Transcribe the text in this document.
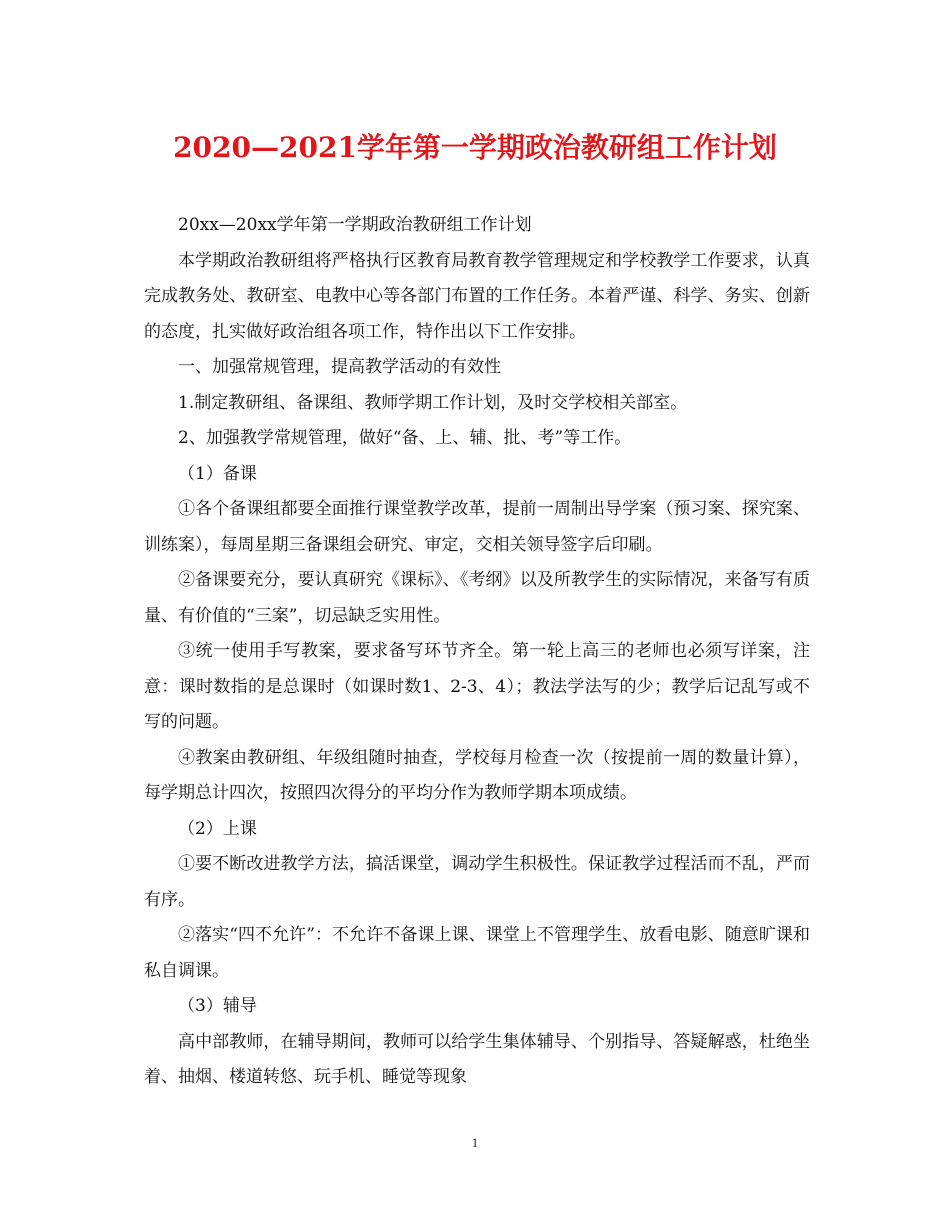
2020—2021学年第一学期政治教研组工作计划

20xx—20xx学年第一学期政治教研组工作计划

本学期政治教研组将严格执行区教育局教育教学管理规定和学校教学工作要求，认真完成教务处、教研室、电教中心等各部门布置的工作任务。本着严谨、科学、务实、创新的态度，扎实做好政治组各项工作，特作出以下工作安排。

一、加强常规管理，提高教学活动的有效性

1.制定教研组、备课组、教师学期工作计划，及时交学校相关部室。

2、加强教学常规管理，做好“备、上、辅、批、考”等工作。

（1）备课

①各个备课组都要全面推行课堂教学改革，提前一周制出导学案（预习案、探究案、训练案），每周星期三备课组会研究、审定，交相关领导签字后印刷。

②备课要充分，要认真研究《课标》、《考纲》以及所教学生的实际情况，来备写有质量、有价值的“三案”，切忌缺乏实用性。

③统一使用手写教案，要求备写环节齐全。第一轮上高三的老师也必须写详案，注意：课时数指的是总课时（如课时数1、2-3、4）；教法学法写的少；教学后记乱写或不写的问题。

④教案由教研组、年级组随时抽查，学校每月检查一次（按提前一周的数量计算），每学期总计四次，按照四次得分的平均分作为教师学期本项成绩。

（2）上课

①要不断改进教学方法，搞活课堂，调动学生积极性。保证教学过程活而不乱，严而有序。

②落实“四不允许”：不允许不备课上课、课堂上不管理学生、放看电影、随意旷课和私自调课。

（3）辅导

高中部教师，在辅导期间，教师可以给学生集体辅导、个别指导、答疑解惑，杜绝坐着、抽烟、楼道转悠、玩手机、睡觉等现象

1
